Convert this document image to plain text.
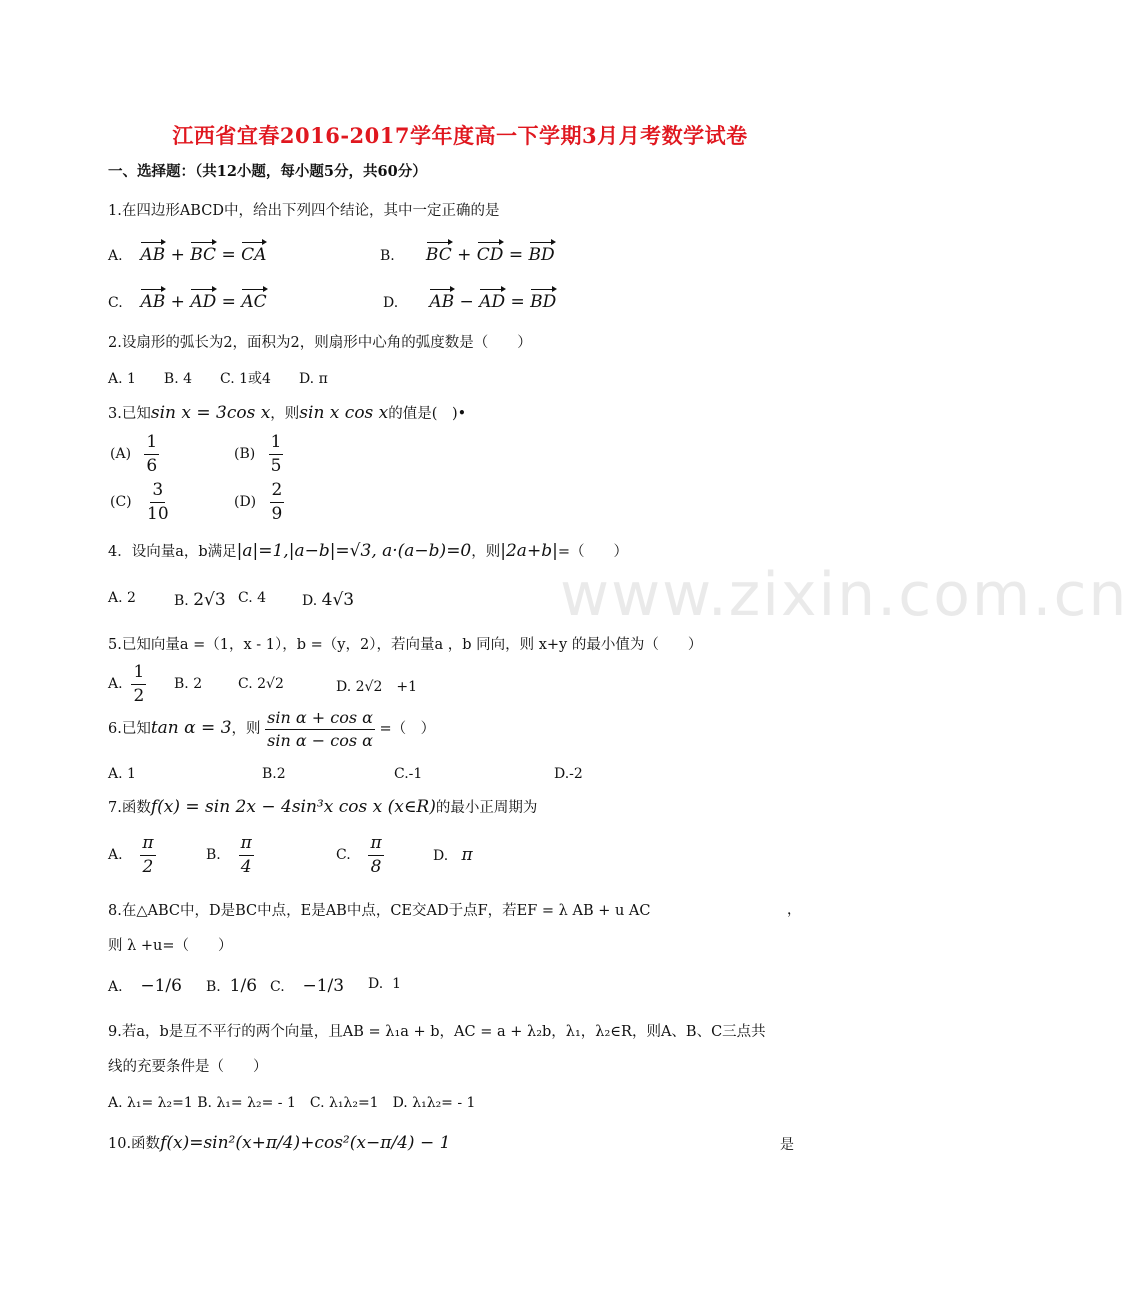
www.zixin.com.cn
江西省宜春2016-2017学年度高一下学期3月月考数学试卷
一、选择题：（共12小题，每小题5分，共60分）
1.在四边形ABCD中，给出下列四个结论，其中一定正确的是
A. AB + BC = CA	B. BC + CD = BD
C. AB + AD = AC	D. AB − AD = BD
2.设扇形的弧长为2，面积为2，则扇形中心角的弧度数是（　　）
A. 1　　B. 4　　C. 1或4　　D. π
3.已知sin x = 3cos x，则sin x cos x的值是(　)•
$(A) \frac{1}{6}$	$(B) \frac{1}{5}$
$(C) \frac{3}{10}$	$(D) \frac{2}{9}$
4．设向量a，b满足|a|=1,|a−b|=√3, a·(a−b)=0，则|2a+b|=（　　）
A. 2	B. 2√3 C. 4	D. 4√3
5.已知向量a =（1，x - 1），b =（y，2），若向量a ，b 同向，则 x+y 的最小值为（　　）
A. $\frac{1}{2} B$. 2	C. 2√2	D. 2√2　+1
6.已知tan α = 3，则 $\frac{\text{sin α + cos α}}{\text{sin α − cos α}}$ =（　）
A. 1	B.2	C.-1	D.-2
7.函数f(x) = sin 2x − 4sin³x cos x (x∈R)的最小正周期为
A. $\frac{\pi}{2}$	B. $\frac{\pi}{4}$	C. $\frac{\pi}{8}$	D. π
8.在△ABC中，D是BC中点，E是AB中点，CE交AD于点F，若EF = λ AB + u AC	，
则 λ +u=（　　）
A. −1/6 B. 1/6 C. −1/3 D. 1
9.若a，b是互不平行的两个向量，且AB = λ₁a + b，AC = a + λ₂b，λ₁，λ₂∈R，则A、B、C三点共
线的充要条件是（　　）
A. λ₁= λ₂=1 B. λ₁= λ₂= - 1　C. λ₁λ₂=1　D. λ₁λ₂= - 1
10.函数f(x)=sin²(x+π/4)+cos²(x−π/4) − 1	是
